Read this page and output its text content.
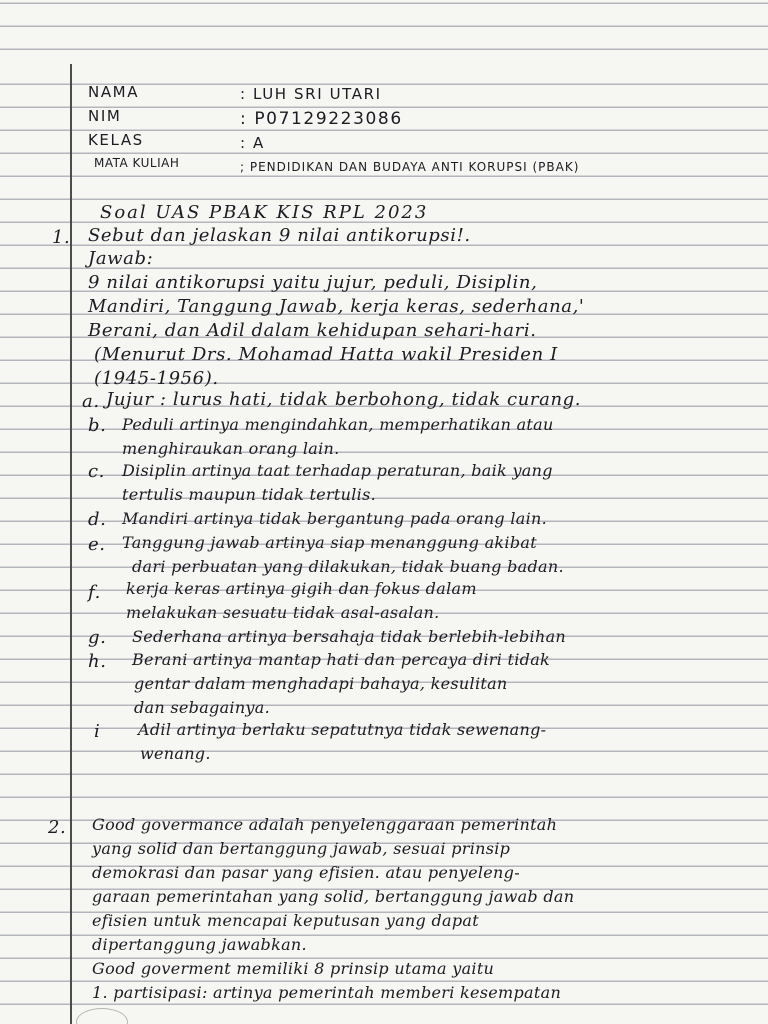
NAMA	: LUH SRI UTARI
NIM	: P07129223086
KELAS	: A
MATA KULIAH	; PENDIDIKAN DAN BUDAYA ANTI KORUPSI (PBAK)
Soal UAS PBAK KIS RPL 2023
1. Sebut dan jelaskan 9 nilai antikorupsi!.
Jawab:
9 nilai antikorupsi yaitu jujur, peduli, Disiplin,
Mandiri, Tanggung Jawab, kerja keras, sederhana,'
Berani, dan Adil dalam kehidupan sehari-hari.
(Menurut Drs. Mohamad Hatta wakil Presiden I
(1945-1956).
a. Jujur : lurus hati, tidak berbohong, tidak curang.
b. Peduli artinya mengindahkan, memperhatikan atau
menghiraukan orang lain.
c. Disiplin artinya taat terhadap peraturan, baik yang
tertulis maupun tidak tertulis.
d. Mandiri artinya tidak bergantung pada orang lain.
e. Tanggung jawab artinya siap menanggung akibat
dari perbuatan yang dilakukan, tidak buang badan.
f. kerja keras artinya gigih dan fokus dalam
melakukan sesuatu tidak asal-asalan.
g. Sederhana artinya bersahaja tidak berlebih-lebihan
h. Berani artinya mantap hati dan percaya diri tidak
gentar dalam menghadapi bahaya, kesulitan
dan sebagainya.
i Adil artinya berlaku sepatutnya tidak sewenang-
wenang.
2. Good govermance adalah penyelenggaraan pemerintah
yang solid dan bertanggung jawab, sesuai prinsip
demokrasi dan pasar yang efisien. atau penyeleng-
garaan pemerintahan yang solid, bertanggung jawab dan
efisien untuk mencapai keputusan yang dapat
dipertanggung jawabkan.
Good goverment memiliki 8 prinsip utama yaitu
1. partisipasi: artinya pemerintah memberi kesempatan
